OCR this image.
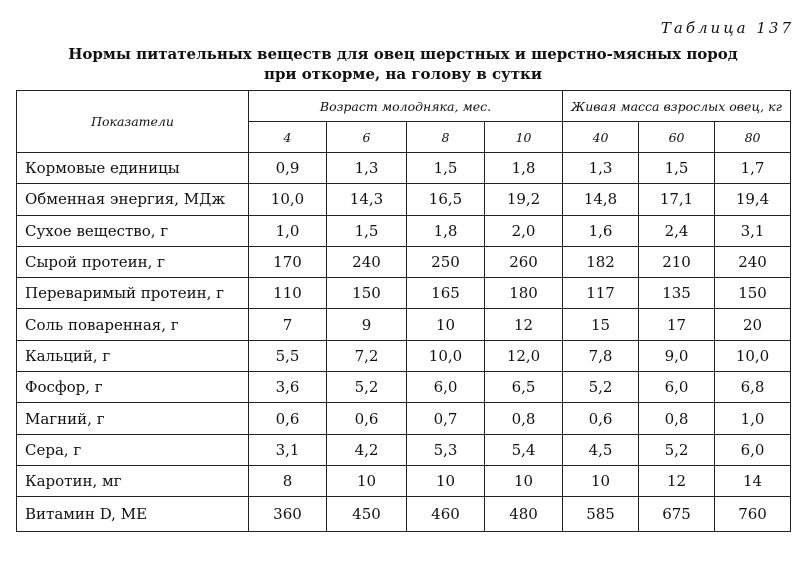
Таблица 137
Нормы питательных веществ для овец шерстных и шерстно-мясных пород
при откорме, на голову в сутки
Показатели	Возраст молодняка, мес.				Живая масса взрослых овец, кг		
	4	6	8	10	40	60	80
Кормовые единицы	0,9	1,3	1,5	1,8	1,3	1,5	1,7
Обменная энергия, МДж	10,0	14,3	16,5	19,2	14,8	17,1	19,4
Сухое вещество, г	1,0	1,5	1,8	2,0	1,6	2,4	3,1
Сырой протеин, г	170	240	250	260	182	210	240
Переваримый протеин, г	110	150	165	180	117	135	150
Соль поваренная, г	7	9	10	12	15	17	20
Кальций, г	5,5	7,2	10,0	12,0	7,8	9,0	10,0
Фосфор, г	3,6	5,2	6,0	6,5	5,2	6,0	6,8
Магний, г	0,6	0,6	0,7	0,8	0,6	0,8	1,0
Сера, г	3,1	4,2	5,3	5,4	4,5	5,2	6,0
Каротин, мг	8	10	10	10	10	12	14
Витамин D, МЕ	360	450	460	480	585	675	760
